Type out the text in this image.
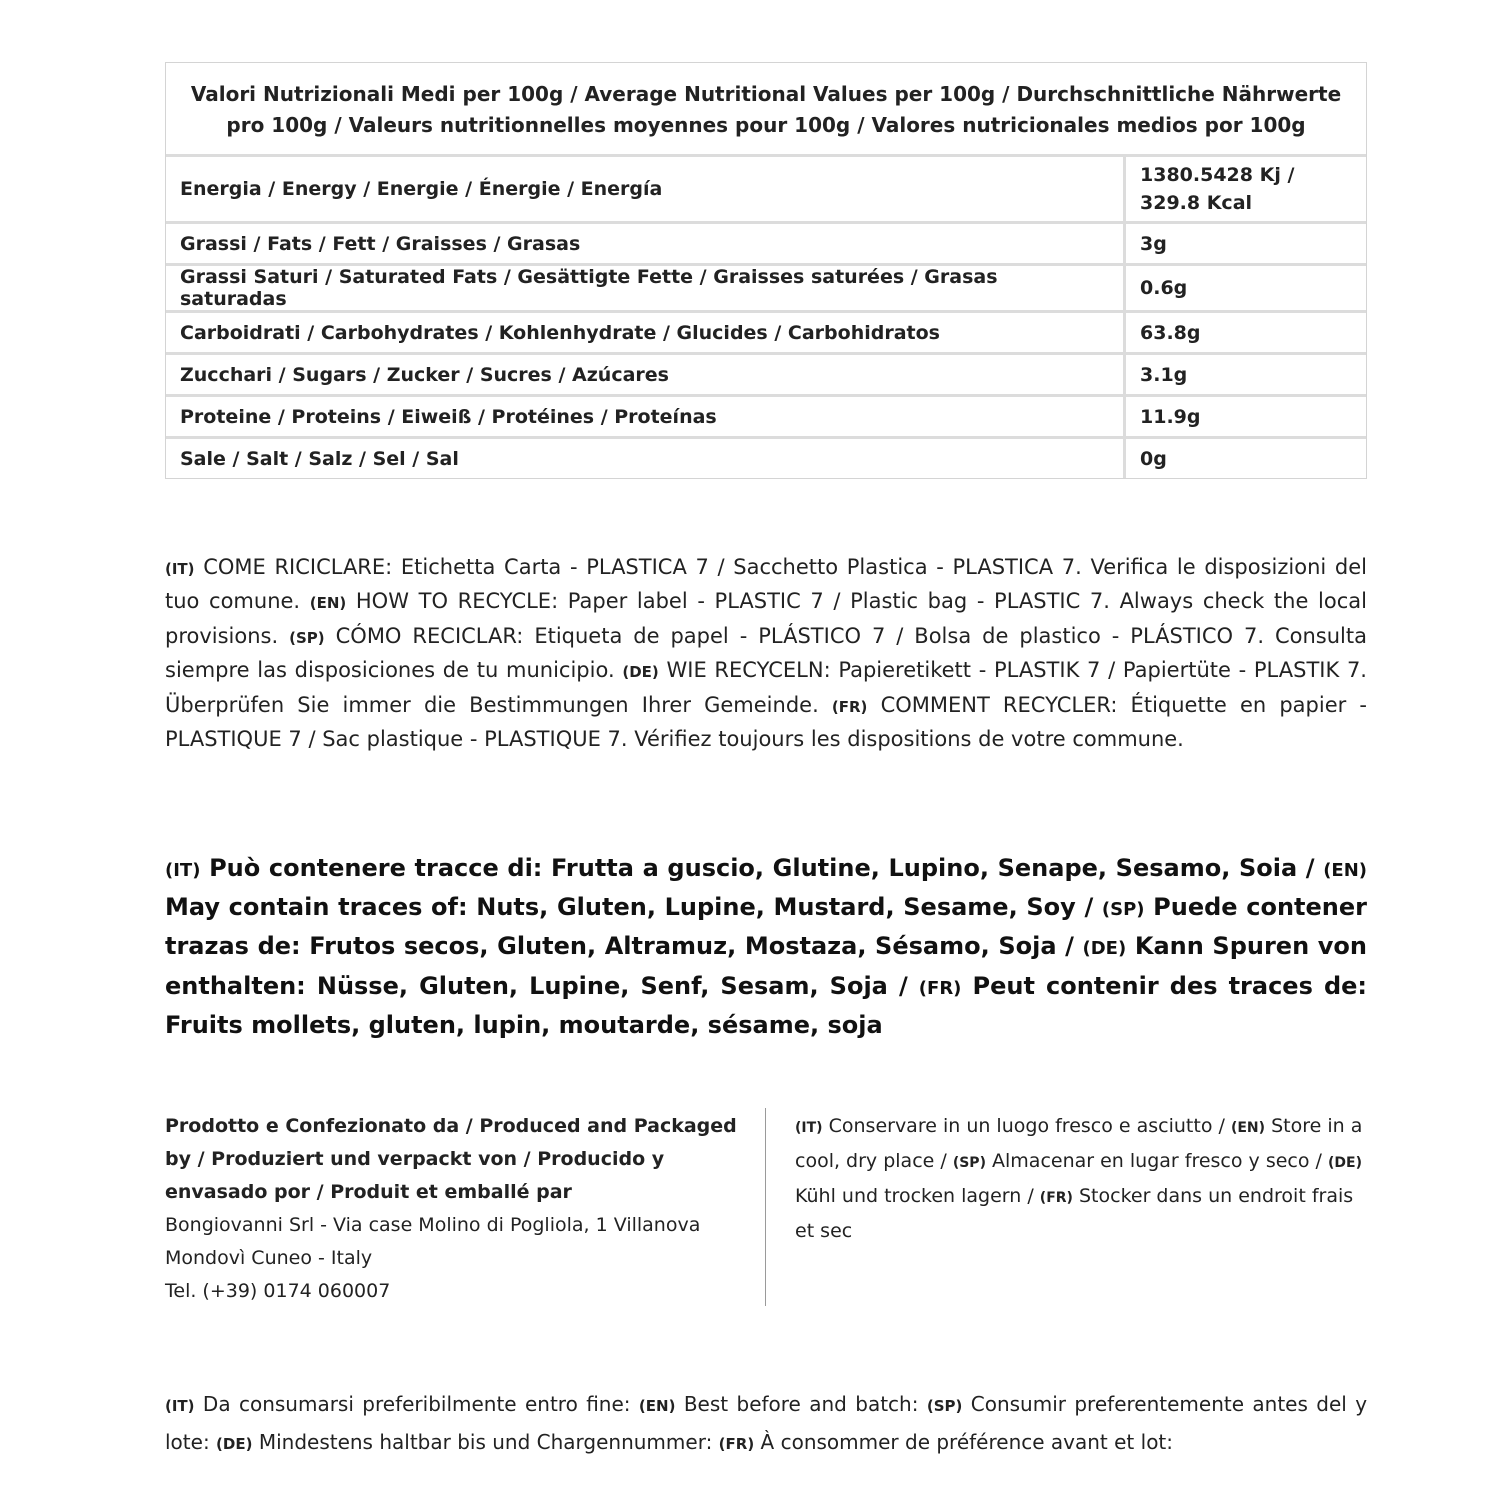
Valori Nutrizionali Medi per 100g / Average Nutritional Values per 100g / Durchschnittliche Nährwerte pro 100g / Valeurs nutritionnelles moyennes pour 100g / Valores nutricionales medios por 100g	
Energia / Energy / Energie / Énergie / Energía	1380.5428 Kj /
329.8 Kcal
Grassi / Fats / Fett / Graisses / Grasas	3g
Grassi Saturi / Saturated Fats / Gesättigte Fette / Graisses saturées / Grasas saturadas	0.6g
Carboidrati / Carbohydrates / Kohlenhydrate / Glucides / Carbohidratos	63.8g
Zucchari / Sugars / Zucker / Sucres / Azúcares	3.1g
Proteine / Proteins / Eiweiß / Protéines / Proteínas	11.9g
Sale / Salt / Salz / Sel / Sal	0g
(IT) COME RICICLARE: Etichetta Carta - PLASTICA 7 / Sacchetto Plastica - PLASTICA 7. Verifica le disposizioni del tuo comune. (EN) HOW TO RECYCLE: Paper label - PLASTIC 7 / Plastic bag - PLASTIC 7. Always check the local provisions. (SP) CÓMO RECICLAR: Etiqueta de papel - PLÁSTICO 7 / Bolsa de plastico - PLÁSTICO 7. Consulta siempre las disposiciones de tu municipio. (DE) WIE RECYCELN: Papieretikett - PLASTIK 7 / Papiertüte - PLASTIK 7. Überprüfen Sie immer die Bestimmungen Ihrer Gemeinde. (FR) COMMENT RECYCLER: Étiquette en papier - PLASTIQUE 7 / Sac plastique - PLASTIQUE 7. Vérifiez toujours les dispositions de votre commune.
(IT) Può contenere tracce di: Frutta a guscio, Glutine, Lupino, Senape, Sesamo, Soia / (EN) May contain traces of: Nuts, Gluten, Lupine, Mustard, Sesame, Soy / (SP) Puede contener trazas de: Frutos secos, Gluten, Altramuz, Mostaza, Sésamo, Soja / (DE) Kann Spuren von enthalten: Nüsse, Gluten, Lupine, Senf, Sesam, Soja / (FR) Peut contenir des traces de: Fruits mollets, gluten, lupin, moutarde, sésame, soja
Prodotto e Confezionato da / Produced and Packaged by / Produziert und verpackt von / Producido y envasado por / Produit et emballé par
Bongiovanni Srl - Via case Molino di Pogliola, 1 Villanova Mondovì Cuneo - Italy
Tel. (+39) 0174 060007
(IT) Conservare in un luogo fresco e asciutto / (EN) Store in a cool, dry place / (SP) Almacenar en lugar fresco y seco / (DE) Kühl und trocken lagern / (FR) Stocker dans un endroit frais et sec
(IT) Da consumarsi preferibilmente entro fine: (EN) Best before and batch: (SP) Consumir preferentemente antes del y lote: (DE) Mindestens haltbar bis und Chargennummer: (FR) À consommer de préférence avant et lot:
